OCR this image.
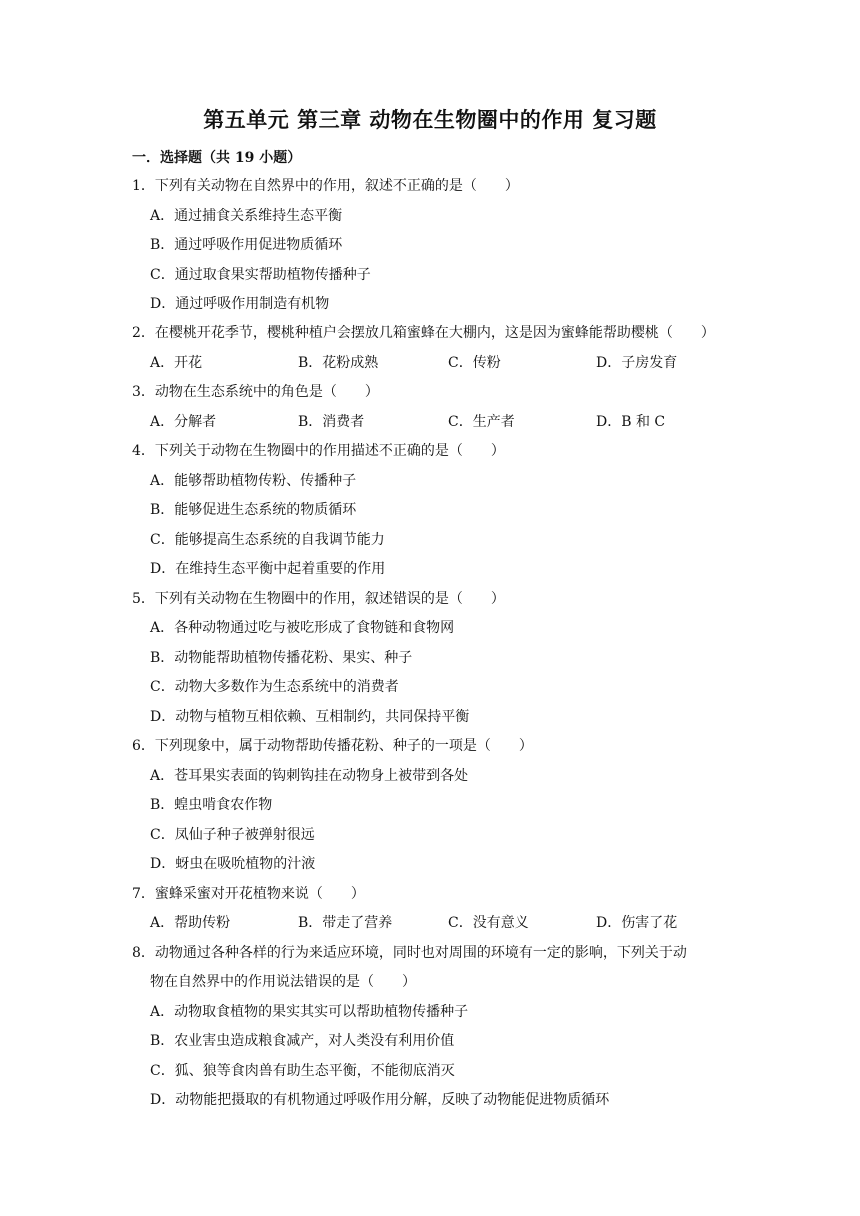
第五单元 第三章 动物在生物圈中的作用 复习题
一．选择题（共 19 小题）
1．下列有关动物在自然界中的作用，叙述不正确的是（　　）
A．通过捕食关系维持生态平衡
B．通过呼吸作用促进物质循环
C．通过取食果实帮助植物传播种子
D．通过呼吸作用制造有机物
2．在樱桃开花季节，樱桃种植户会摆放几箱蜜蜂在大棚内，这是因为蜜蜂能帮助樱桃（　　）
A．开花	B．花粉成熟	C．传粉	D．子房发育
3．动物在生态系统中的角色是（　　）
A．分解者	B．消费者	C．生产者	D．B 和 C
4．下列关于动物在生物圈中的作用描述不正确的是（　　）
A．能够帮助植物传粉、传播种子
B．能够促进生态系统的物质循环
C．能够提高生态系统的自我调节能力
D．在维持生态平衡中起着重要的作用
5．下列有关动物在生物圈中的作用，叙述错误的是（　　）
A．各种动物通过吃与被吃形成了食物链和食物网
B．动物能帮助植物传播花粉、果实、种子
C．动物大多数作为生态系统中的消费者
D．动物与植物互相依赖、互相制约，共同保持平衡
6．下列现象中，属于动物帮助传播花粉、种子的一项是（　　）
A．苍耳果实表面的钩刺钩挂在动物身上被带到各处
B．蝗虫啃食农作物
C．凤仙子种子被弹射很远
D．蚜虫在吸吮植物的汁液
7．蜜蜂采蜜对开花植物来说（　　）
A．帮助传粉	B．带走了营养	C．没有意义	D．伤害了花
8．动物通过各种各样的行为来适应环境，同时也对周围的环境有一定的影响，下列关于动
物在自然界中的作用说法错误的是（　　）
A．动物取食植物的果实其实可以帮助植物传播种子
B．农业害虫造成粮食减产，对人类没有利用价值
C．狐、狼等食肉兽有助生态平衡，不能彻底消灭
D．动物能把摄取的有机物通过呼吸作用分解，反映了动物能促进物质循环
